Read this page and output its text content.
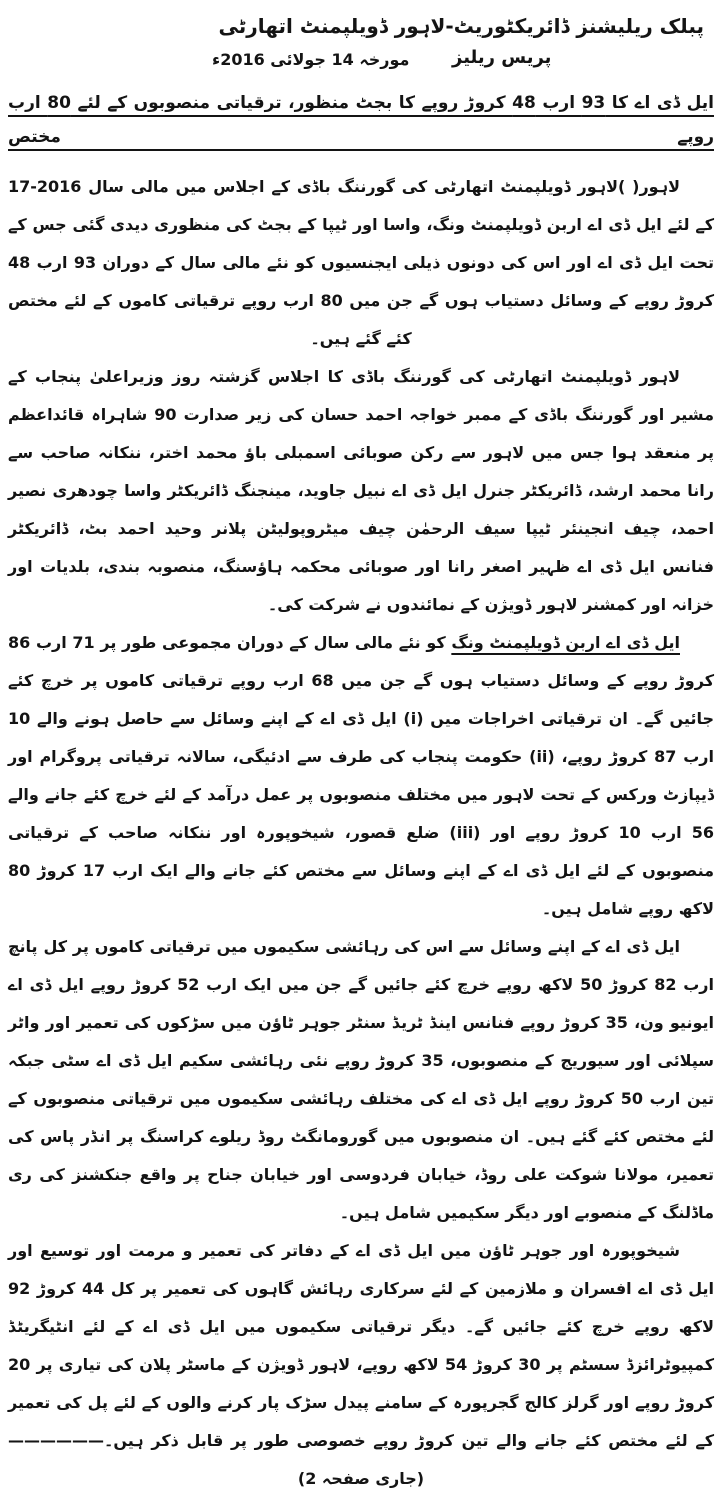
پبلک ریلیشنز ڈائریکٹوریٹ-لاہور ڈویلپمنٹ اتھارٹی
مورخہ 14 جولائی 2016ء پریس ریلیز
ایل ڈی اے کا 93 ارب 48 کروڑ روپے کا بجٹ منظور، ترقیاتی منصوبوں کے لئے 80 ارب روپے مختص

لاہور( )لاہور ڈویلپمنٹ اتھارٹی کی گورننگ باڈی کے اجلاس میں مالی سال 2016-17 کے لئے ایل ڈی اے اربن ڈویلپمنٹ ونگ، واسا اور ٹیپا کے بجٹ کی منظوری دیدی گئی جس کے تحت ایل ڈی اے اور اس کی دونوں ذیلی ایجنسیوں کو نئے مالی سال کے دوران 93 ارب 48 کروڑ روپے کے وسائل دستیاب ہوں گے جن میں 80 ارب روپے ترقیاتی کاموں کے لئے مختص کئے گئے ہیں۔

لاہور ڈویلپمنٹ اتھارٹی کی گورننگ باڈی کا اجلاس گزشتہ روز وزیراعلیٰ پنجاب کے مشیر اور گورننگ باڈی کے ممبر خواجہ احمد حسان کی زیر صدارت 90 شاہراہ قائداعظم پر منعقد ہوا جس میں لاہور سے رکن صوبائی اسمبلی باؤ محمد اختر، ننکانہ صاحب سے رانا محمد ارشد، ڈائریکٹر جنرل ایل ڈی اے نبیل جاوید، مینجنگ ڈائریکٹر واسا چودھری نصیر احمد، چیف انجینئر ٹیپا سیف الرحمٰن چیف میٹروپولیٹن پلانر وحید احمد بٹ، ڈائریکٹر فنانس ایل ڈی اے ظہیر اصغر رانا اور صوبائی محکمہ ہاؤسنگ، منصوبہ بندی، بلدیات اور خزانہ اور کمشنر لاہور ڈویژن کے نمائندوں نے شرکت کی۔

ایل ڈی اے اربن ڈویلپمنٹ ونگ کو نئے مالی سال کے دوران مجموعی طور پر 71 ارب 86 کروڑ روپے کے وسائل دستیاب ہوں گے جن میں 68 ارب روپے ترقیاتی کاموں پر خرچ کئے جائیں گے۔ ان ترقیاتی اخراجات میں (i) ایل ڈی اے کے اپنے وسائل سے حاصل ہونے والے 10 ارب 87 کروڑ روپے، (ii) حکومت پنجاب کی طرف سے ادئیگی، سالانہ ترقیاتی پروگرام اور ڈیپازٹ ورکس کے تحت لاہور میں مختلف منصوبوں پر عمل درآمد کے لئے خرچ کئے جانے والے 56 ارب 10 کروڑ روپے اور (iii) ضلع قصور، شیخوپورہ اور ننکانہ صاحب کے ترقیاتی منصوبوں کے لئے ایل ڈی اے کے اپنے وسائل سے مختص کئے جانے والے ایک ارب 17 کروڑ 80 لاکھ روپے شامل ہیں۔

ایل ڈی اے کے اپنے وسائل سے اس کی رہائشی سکیموں میں ترقیاتی کاموں پر کل پانچ ارب 82 کروڑ 50 لاکھ روپے خرچ کئے جائیں گے جن میں ایک ارب 52 کروڑ روپے ایل ڈی اے ایونیو ون، 35 کروڑ روپے فنانس اینڈ ٹریڈ سنٹر جوہر ٹاؤن میں سڑکوں کی تعمیر اور واٹر سپلائی اور سیوریج کے منصوبوں، 35 کروڑ روپے نئی رہائشی سکیم ایل ڈی اے سٹی جبکہ تین ارب 50 کروڑ روپے ایل ڈی اے کی مختلف رہائشی سکیموں میں ترقیاتی منصوبوں کے لئے مختص کئے گئے ہیں۔ ان منصوبوں میں گورومانگٹ روڈ ریلوے کراسنگ پر انڈر پاس کی تعمیر، مولانا شوکت علی روڈ، خیابان فردوسی اور خیابان جناح پر واقع جنکشنز کی ری ماڈلنگ کے منصوبے اور دیگر سکیمیں شامل ہیں۔

شیخوپورہ اور جوہر ٹاؤن میں ایل ڈی اے کے دفاتر کی تعمیر و مرمت اور توسیع اور ایل ڈی اے افسران و ملازمین کے لئے سرکاری رہائش گاہوں کی تعمیر پر کل 44 کروڑ 92 لاکھ روپے خرچ کئے جائیں گے۔ دیگر ترقیاتی سکیموں میں ایل ڈی اے کے لئے انٹیگریٹڈ کمپیوٹرائزڈ سسٹم پر 30 کروڑ 54 لاکھ روپے، لاہور ڈویژن کے ماسٹر پلان کی تیاری پر 20 کروڑ روپے اور گرلز کالج گجرپورہ کے سامنے پیدل سڑک پار کرنے والوں کے لئے پل کی تعمیر کے لئے مختص کئے جانے والے تین کروڑ روپے خصوصی طور پر قابل ذکر ہیں۔——————(جاری صفحہ 2)
